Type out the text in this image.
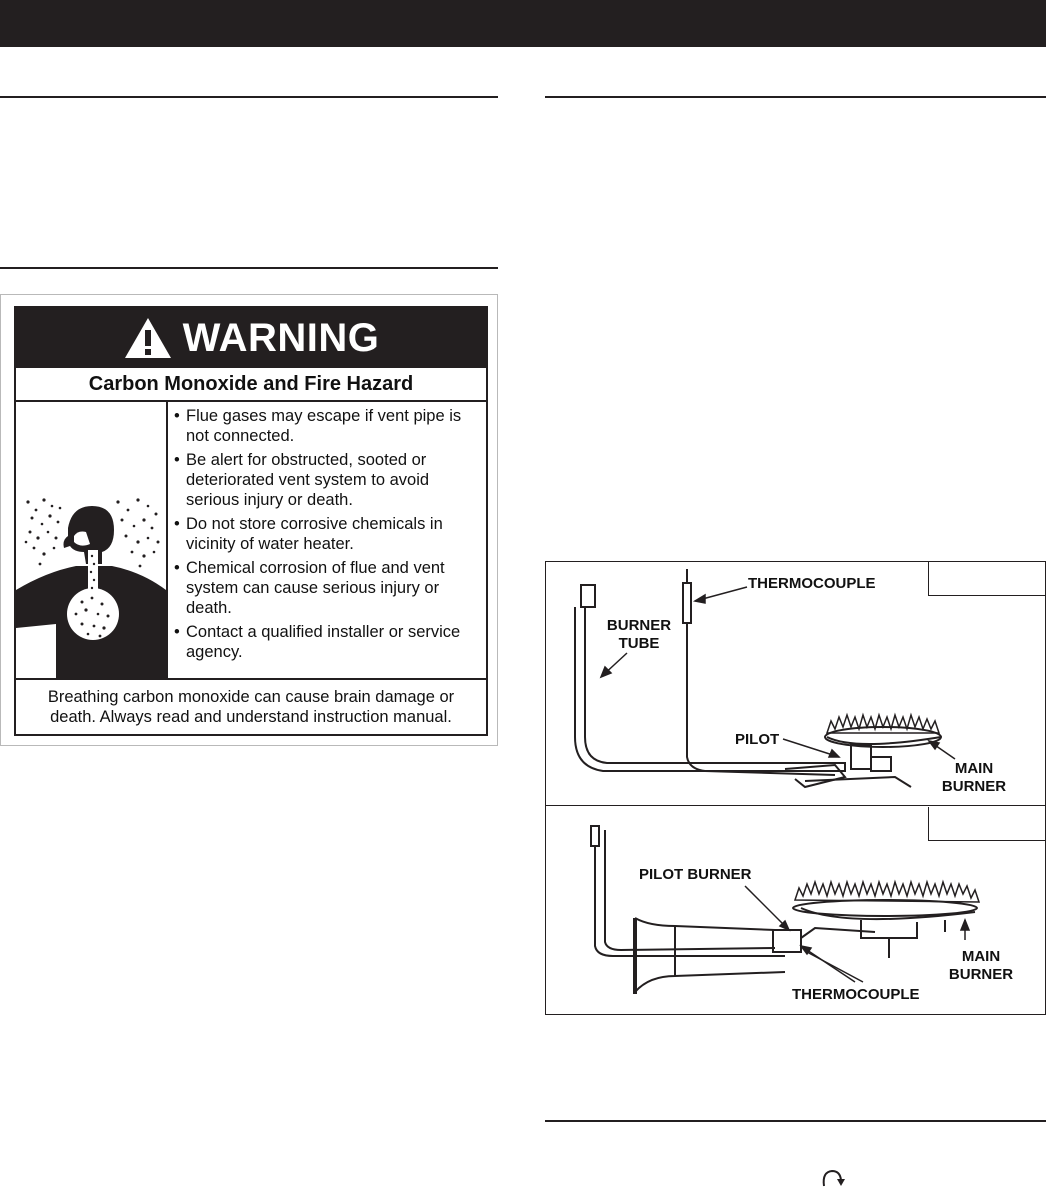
WARNING
Carbon Monoxide and Fire Hazard
• Flue gases may escape if vent pipe is not connected.
• Be alert for obstructed, sooted or deteriorated vent system to avoid serious injury or death.
• Do not store corrosive chemicals in vicinity of water heater.
• Chemical corrosion of flue and vent system can cause serious injury or death.
• Contact a qualified installer or service agency.
Breathing carbon monoxide can cause brain damage or death. Always read and understand instruction manual.
THERMOCOUPLE
BURNER TUBE
PILOT
MAIN BURNER
PILOT BURNER
MAIN BURNER
THERMOCOUPLE
